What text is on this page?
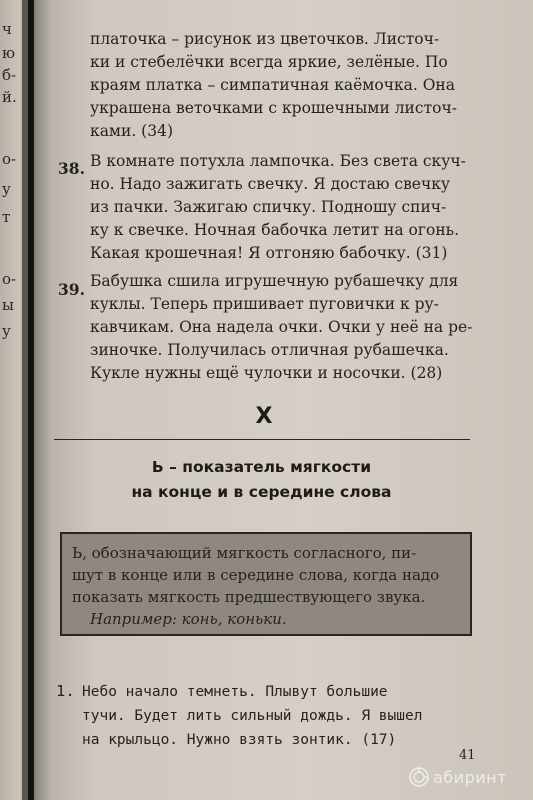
ч
ю
б-
й.
о-
у
т
о-
ы
у
платочка – рисунок из цветочков. Листоч-
ки и стебелёчки всегда яркие, зелёные. По
краям платка – симпатичная каёмочка. Она
украшена веточками с крошечными листоч-
ками. (34)
38. В комнате потухла лампочка. Без света скуч-
но. Надо зажигать свечку. Я достаю свечку
из пачки. Зажигаю спичку. Подношу спич-
ку к свечке. Ночная бабочка летит на огонь.
Какая крошечная! Я отгоняю бабочку. (31)
39. Бабушка сшила игрушечную рубашечку для
куклы. Теперь пришивает пуговички к ру-
кавчикам. Она надела очки. Очки у неё на ре-
зиночке. Получилась отличная рубашечка.
Кукле нужны ещё чулочки и носочки. (28)
X
Ь – показатель мягкости
на конце и в середине слова
Ь, обозначающий мягкость согласного, пи-
шут в конце или в середине слова, когда надо
показать мягкость предшествующего звука.
Например: конь, коньки.
1. Небо начало темнеть. Плывут большие
тучи. Будет лить сильный дождь. Я вышел
на крыльцо. Нужно взять зонтик. (17)
41
абиринт
